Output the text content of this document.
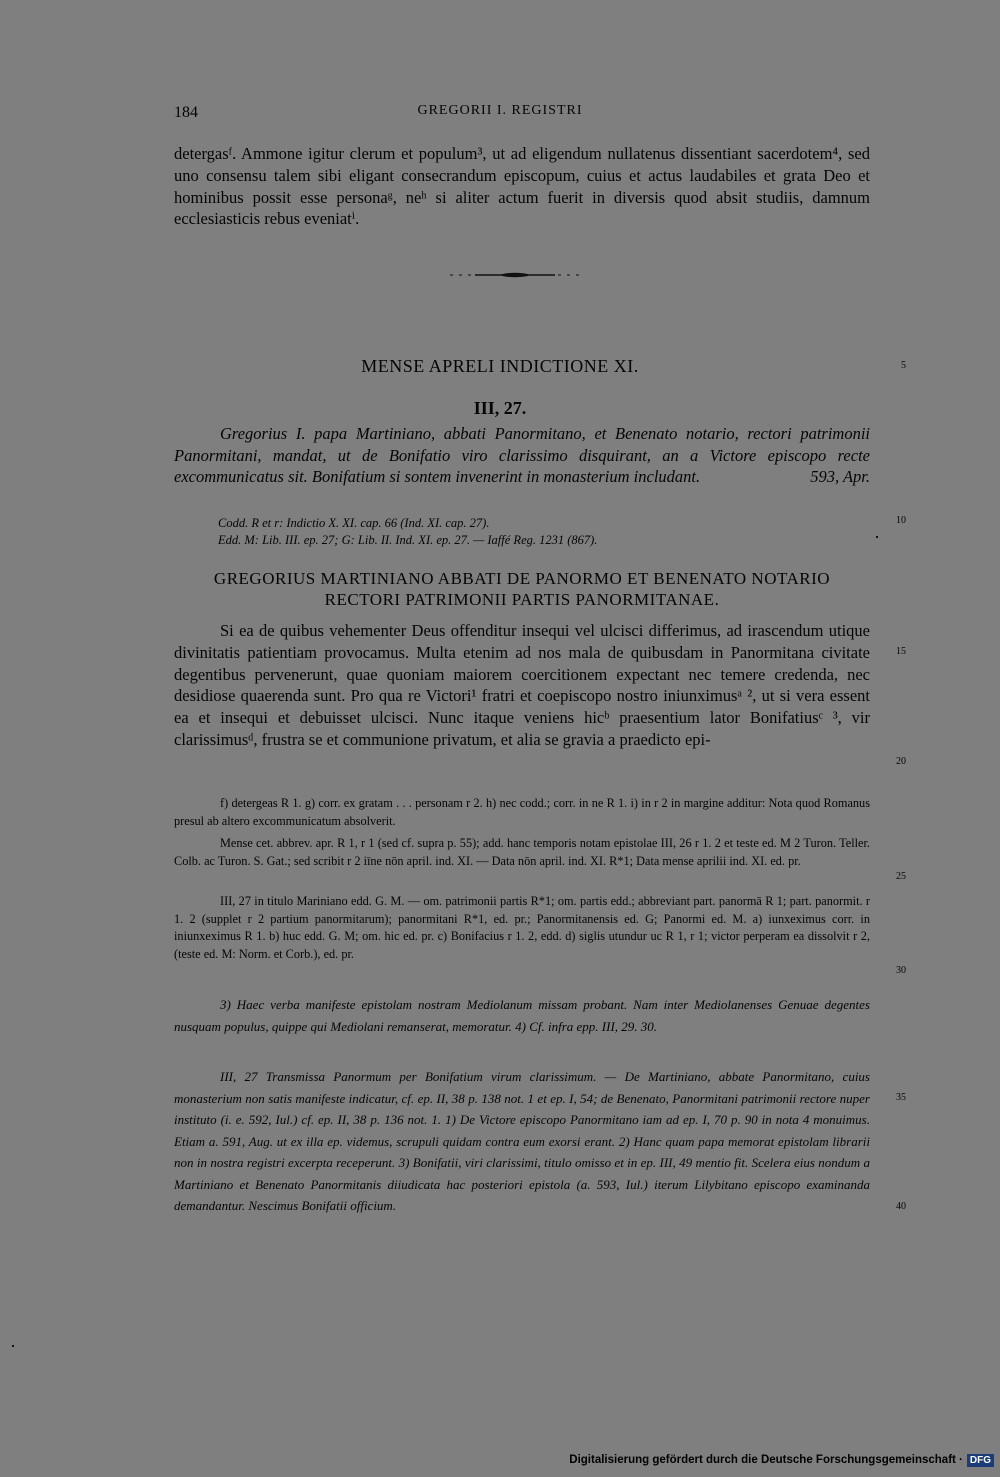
184	GREGORII I. REGISTRI

detergasᶠ. Ammone igitur clerum et populum³, ut ad eligendum nullatenus dissentiant sacerdotem⁴, sed uno consensu talem sibi eligant consecrandum episcopum, cuius et actus laudabiles et grata Deo et hominibus possit esse personaᵍ, neʰ si aliter actum fuerit in diversis quod absit studiis, damnum ecclesiasticis rebus eveniatⁱ.

MENSE APRELI INDICTIONE XI.
III, 27.

Gregorius I. papa Martiniano, abbati Panormitano, et Benenato notario, rectori patrimonii Panormitani, mandat, ut de Bonifatio viro clarissimo disquirant, an a Victore episcopo recte excommunicatus sit. Bonifatium si sontem invenerint in monasterium includant.	593, Apr.

Codd. R et r: Indictio X. XI. cap. 66 (Ind. XI. cap. 27).
Edd. M: Lib. III. ep. 27; G: Lib. II. Ind. XI. ep. 27. — Iaffé Reg. 1231 (867).
GREGORIUS MARTINIANO ABBATI DE PANORMO ET BENENATO NOTARIO RECTORI PATRIMONII PARTIS PANORMITANAE.

Si ea de quibus vehementer Deus offenditur insequi vel ulcisci differimus, ad irascendum utique divinitatis patientiam provocamus. Multa etenim ad nos mala de quibusdam in Panormitana civitate degentibus pervenerunt, quae quoniam maiorem coercitionem expectant nec temere credenda, nec desidiose quaerenda sunt. Pro qua re Victori¹ fratri et coepiscopo nostro iniunximusᵃ ², ut si vera essent ea et insequi et debuisset ulcisci. Nunc itaque veniens hicᵇ praesentium lator Bonifatiusᶜ ³, vir clarissimusᵈ, frustra se et communione privatum, et alia se gravia a praedicto epi-

f) detergeas R 1. g) corr. ex gratam . . . personam r 2. h) nec codd.; corr. in ne R 1. i) in r 2 in margine additur: Nota quod Romanus presul ab altero excommunicatum absolverit.

Mense cet. abbrev. apr. R 1, r 1 (sed cf. supra p. 55); add. hanc temporis notam epistolae III, 26 r 1. 2 et teste ed. M 2 Turon. Teller. Colb. ac Turon. S. Gat.; sed scribit r 2 iīne nōn april. ind. XI. — Data nōn april. ind. XI. R*1; Data mense aprilii ind. XI. ed. pr.

III, 27 in titulo Mariniano edd. G. M. — om. patrimonii partis R*1; om. partis edd.; abbreviant part. panormā R 1; part. panormit. r 1. 2 (supplet r 2 partium panormitarum); panormitani R*1, ed. pr.; Panormitanensis ed. G; Panormi ed. M. a) iunxeximus corr. in iniunxeximus R 1. b) huc edd. G. M; om. hic ed. pr. c) Bonifacius r 1. 2, edd. d) siglis utundur uc R 1, r 1; victor perperam ea dissolvit r 2, (teste ed. M: Norm. et Corb.), ed. pr.

3) Haec verba manifeste epistolam nostram Mediolanum missam probant. Nam inter Mediolanenses Genuae degentes nusquam populus, quippe qui Mediolani remanserat, memoratur. 4) Cf. infra epp. III, 29. 30.

III, 27 Transmissa Panormum per Bonifatium virum clarissimum. — De Martiniano, abbate Panormitano, cuius monasterium non satis manifeste indicatur, cf. ep. II, 38 p. 138 not. 1 et ep. I, 54; de Benenato, Panormitani patrimonii rectore nuper instituto (i. e. 592, Iul.) cf. ep. II, 38 p. 136 not. 1. 1) De Victore episcopo Panormitano iam ad ep. I, 70 p. 90 in nota 4 monuimus. Etiam a. 591, Aug. ut ex illa ep. videmus, scrupuli quidam contra eum exorsi erant. 2) Hanc quam papa memorat epistolam librarii non in nostra registri excerpta receperunt. 3) Bonifatii, viri clarissimi, titulo omisso et in ep. III, 49 mentio fit. Scelera eius nondum a Martiniano et Benenato Panormitanis diiudicata hac posteriori epistola (a. 593, Iul.) iterum Lilybitano episcopo examinanda demandantur. Nescimus Bonifatii officium.

5
10
15
20
25
30
35
40
Digitalisierung gefördert durch die Deutsche Forschungsgemeinschaft · DFG
